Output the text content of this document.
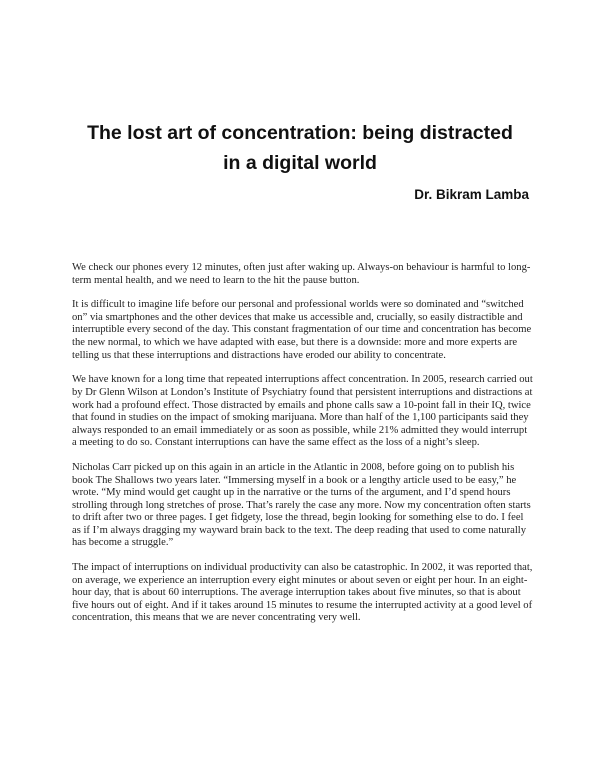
The lost art of concentration: being distracted
in a digital world
Dr. Bikram Lamba

We check our phones every 12 minutes, often just after waking up. Always-on behaviour is harmful to long-term mental health, and we need to learn to the hit the pause button.

It is difficult to imagine life before our personal and professional worlds were so dominated and “switched on” via smartphones and the other devices that make us accessible and, crucially, so easily distractible and interruptible every second of the day. This constant fragmentation of our time and concentration has become the new normal, to which we have adapted with ease, but there is a downside: more and more experts are telling us that these interruptions and distractions have eroded our ability to concentrate.

We have known for a long time that repeated interruptions affect concentration. In 2005, research carried out by Dr Glenn Wilson at London’s Institute of Psychiatry found that persistent interruptions and distractions at work had a profound effect. Those distracted by emails and phone calls saw a 10-point fall in their IQ, twice that found in studies on the impact of smoking marijuana. More than half of the 1,100 participants said they always responded to an email immediately or as soon as possible, while 21% admitted they would interrupt a meeting to do so. Constant interruptions can have the same effect as the loss of a night’s sleep.

Nicholas Carr picked up on this again in an article in the Atlantic in 2008, before going on to publish his book The Shallows two years later. “Immersing myself in a book or a lengthy article used to be easy,” he wrote. “My mind would get caught up in the narrative or the turns of the argument, and I’d spend hours strolling through long stretches of prose. That’s rarely the case any more. Now my concentration often starts to drift after two or three pages. I get fidgety, lose the thread, begin looking for something else to do. I feel as if I’m always dragging my wayward brain back to the text. The deep reading that used to come naturally has become a struggle.”

The impact of interruptions on individual productivity can also be catastrophic. In 2002, it was reported that, on average, we experience an interruption every eight minutes or about seven or eight per hour. In an eight-hour day, that is about 60 interruptions. The average interruption takes about five minutes, so that is about five hours out of eight. And if it takes around 15 minutes to resume the interrupted activity at a good level of concentration, this means that we are never concentrating very well.
